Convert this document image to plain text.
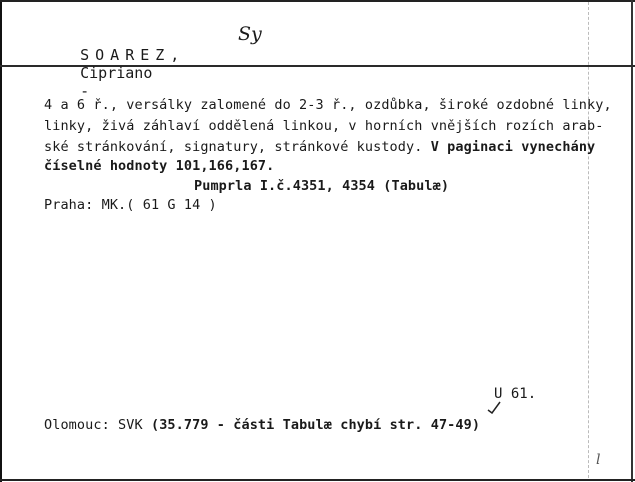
SOAREZ,
Cipriano
-

Sy
4 a 6 ř., versálky zalomené do 2-3 ř., ozdůbka, široké ozdobné linky,
linky, živá záhlaví oddělená linkou, v horních vnějších rozích arab-
ské stránkování, signatury, stránkové kustody. V paginaci vynechány
číselné hodnoty 101,166,167.
Pumprla I.č.4351, 4354 (Tabulæ)
Praha: MK.( 61 G 14 )
U 61.
Olomouc: SVK (35.779 - části Tabulæ chybí str. 47-49)
l
